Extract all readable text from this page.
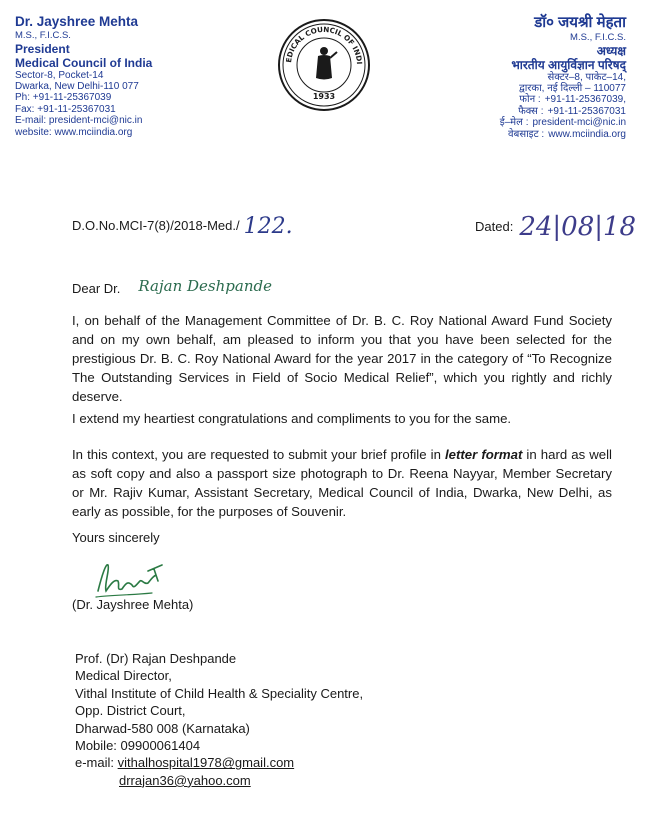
Dr. Jayshree Mehta
M.S., F.I.C.S.
President
Medical Council of India
Sector-8, Pocket-14
Dwarka, New Delhi-110 077
Ph: +91-11-25367039
Fax: +91-11-25367031
E-mail: president-mci@nic.in
website: www.mciindia.org
EDICAL COUNCIL OF INDI
1933
डॉ० जयश्री मेहता
M.S., F.I.C.S.
अध्यक्ष
भारतीय आयुर्विज्ञान परिषद्
सेक्टर–8, पाकेट–14,
द्वारका, नई दिल्ली – 110077
फोन : +91-11-25367039,
फैक्स : +91-11-25367031
ई–मेल : president-mci@nic.in
वेबसाइट : www.mciindia.org
D.O.No.MCI-7(8)/2018-Med./ 122.	Dated: 24|08|18
Dear Dr. Rajan Deshpande
I, on behalf of the Management Committee of Dr. B. C. Roy National Award Fund Society and on my own behalf, am pleased to inform you that you have been selected for the prestigious Dr. B. C. Roy National Award for the year 2017 in the category of “To Recognize The Outstanding Services in Field of Socio Medical Relief”, which you rightly and richly deserve.
I extend my heartiest congratulations and compliments to you for the same.
In this context, you are requested to submit your brief profile in letter format in hard as well as soft copy and also a passport size photograph to Dr. Reena Nayyar, Member Secretary or Mr. Rajiv Kumar, Assistant Secretary, Medical Council of India, Dwarka, New Delhi, as early as possible, for the purposes of Souvenir.
Yours sincerely
(Dr. Jayshree Mehta)
Prof. (Dr) Rajan Deshpande
Medical Director,
Vithal Institute of Child Health & Speciality Centre,
Opp. District Court,
Dharwad-580 008 (Karnataka)
Mobile: 09900061404
e-mail: vithalhospital1978@gmail.com
drrajan36@yahoo.com
